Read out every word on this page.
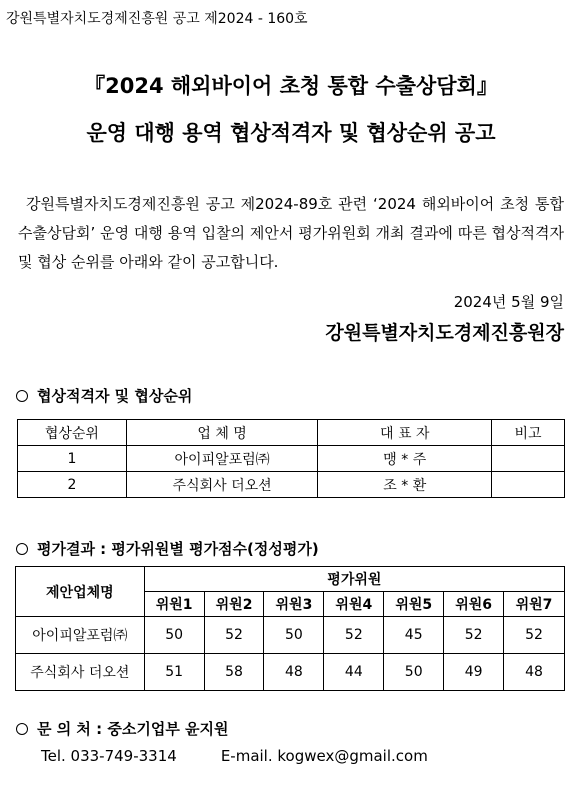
강원특별자치도경제진흥원 공고 제2024 - 160호
『2024 해외바이어 초청 통합 수출상담회』
운영 대행 용역 협상적격자 및 협상순위 공고
강원특별자치도경제진흥원 공고 제2024-89호 관련 ‘2024 해외바이어 초청 통합 수출상담회’ 운영 대행 용역 입찰의 제안서 평가위원회 개최 결과에 따른 협상적격자 및 협상 순위를 아래와 같이 공고합니다.
2024년 5월 9일
강원특별자치도경제진흥원장
협상적격자 및 협상순위
협상순위	업 체 명	대 표 자	비고
1	아이피알포럼㈜	맹 * 주	
2	주식회사 더오션	조 * 환	
평가결과 : 평가위원별 평가점수(정성평가)
제안업체명	평가위원						
	위원1	위원2	위원3	위원4	위원5	위원6	위원7
아이피알포럼㈜	50	52	50	52	45	52	52
주식회사 더오션	51	58	48	44	50	49	48
문 의 처 : 중소기업부 윤지원
Tel. 033-749-3314	E-mail. kogwex@gmail.com
